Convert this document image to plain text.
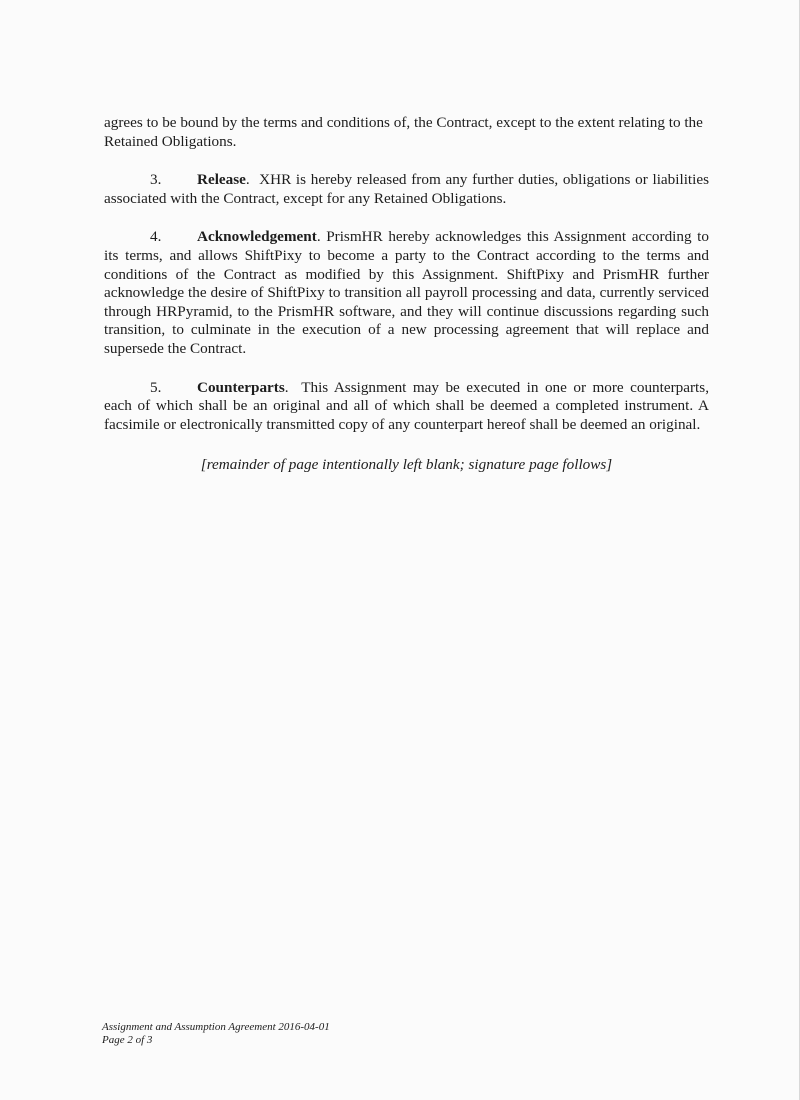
agrees to be bound by the terms and conditions of, the Contract, except to the extent relating to the Retained Obligations.

3. Release.  XHR is hereby released from any further duties, obligations or liabilities associated with the Contract, except for any Retained Obligations.

4. Acknowledgement. PrismHR hereby acknowledges this Assignment according to its terms, and allows ShiftPixy to become a party to the Contract according to the terms and conditions of the Contract as modified by this Assignment. ShiftPixy and PrismHR further acknowledge the desire of ShiftPixy to transition all payroll processing and data, currently serviced through HRPyramid, to the PrismHR software, and they will continue discussions regarding such transition, to culminate in the execution of a new processing agreement that will replace and supersede the Contract.

5. Counterparts.  This Assignment may be executed in one or more counterparts, each of which shall be an original and all of which shall be deemed a completed instrument. A facsimile or electronically transmitted copy of any counterpart hereof shall be deemed an original.

[remainder of page intentionally left blank; signature page follows]

Assignment and Assumption Agreement 2016-04-01
Page 2 of 3
